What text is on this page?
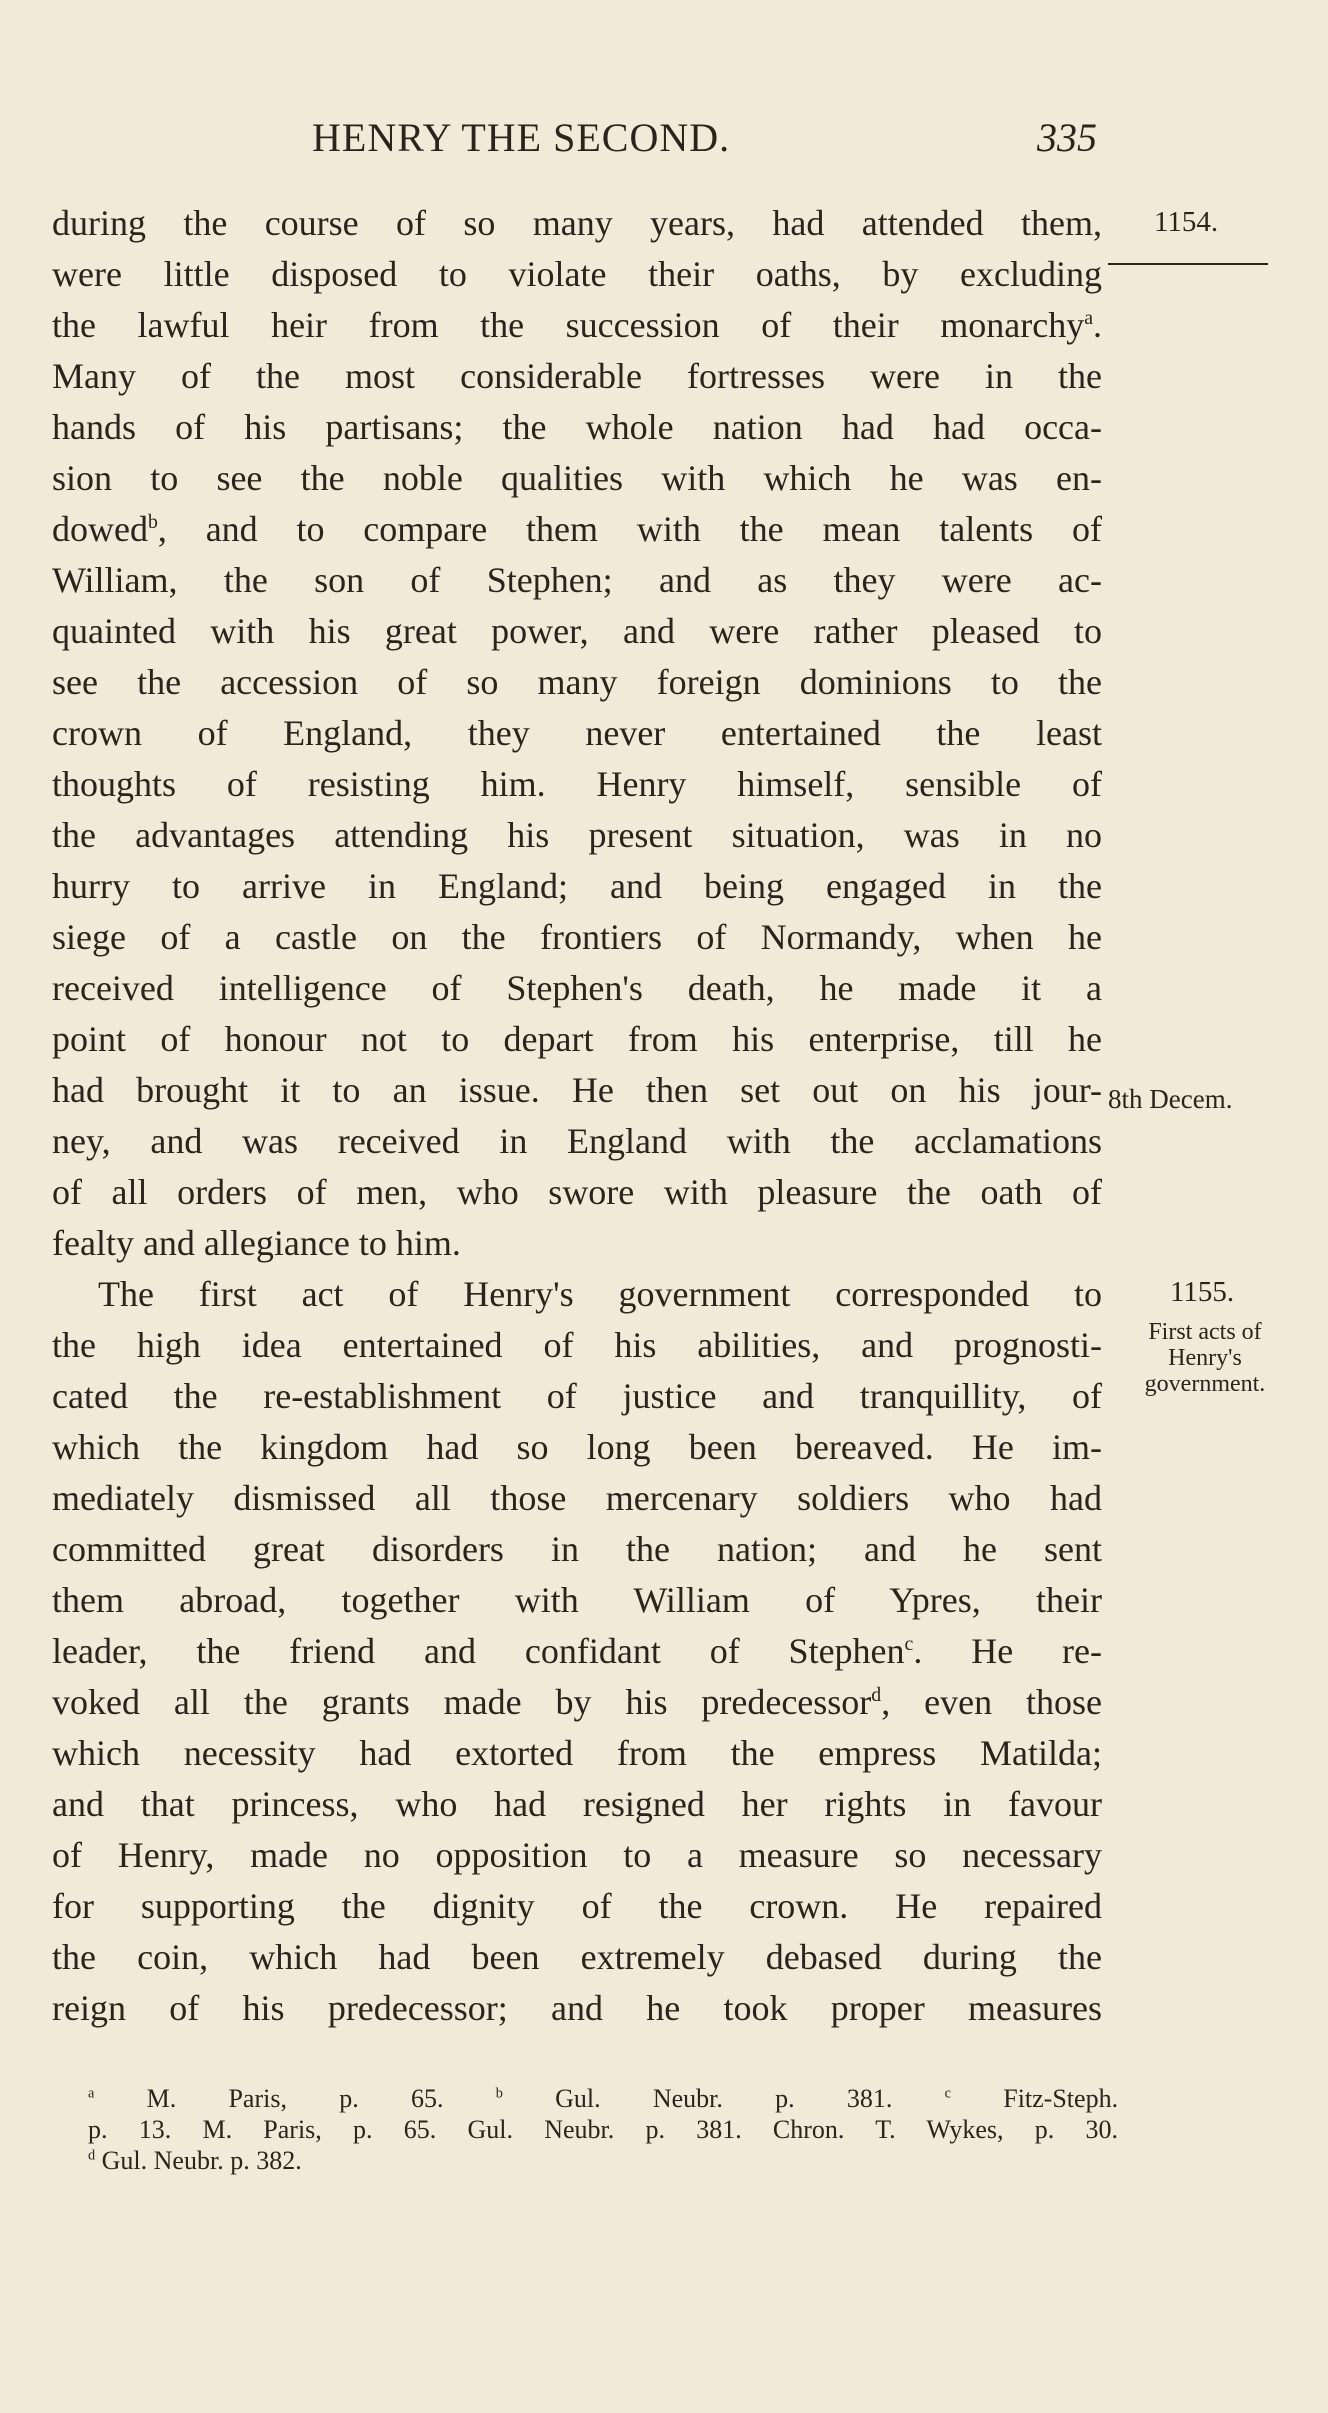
HENRY THE SECOND.	335
1154.
8th Decem.
1155.
First acts of Henry's government.
during the course of so many years, had attended them,
were little disposed to violate their oaths, by excluding
the lawful heir from the succession of their monarchy$^a$.
Many of the most considerable fortresses were in the
hands of his partisans; the whole nation had had occa-
sion to see the noble qualities with which he was en-
dowed$^b$, and to compare them with the mean talents of
William, the son of Stephen; and as they were ac-
quainted with his great power, and were rather pleased to
see the accession of so many foreign dominions to the
crown of England, they never entertained the least
thoughts of resisting him. Henry himself, sensible of
the advantages attending his present situation, was in no
hurry to arrive in England; and being engaged in the
siege of a castle on the frontiers of Normandy, when he
received intelligence of Stephen's death, he made it a
point of honour not to depart from his enterprise, till he
had brought it to an issue. He then set out on his jour-
ney, and was received in England with the acclamations
of all orders of men, who swore with pleasure the oath of
fealty and allegiance to him.
The first act of Henry's government corresponded to
the high idea entertained of his abilities, and prognosti-
cated the re-establishment of justice and tranquillity, of
which the kingdom had so long been bereaved. He im-
mediately dismissed all those mercenary soldiers who had
committed great disorders in the nation; and he sent
them abroad, together with William of Ypres, their
leader, the friend and confidant of Stephen$^c$. He re-
voked all the grants made by his predecessor$^d$, even those
which necessity had extorted from the empress Matilda;
and that princess, who had resigned her rights in favour
of Henry, made no opposition to a measure so necessary
for supporting the dignity of the crown. He repaired
the coin, which had been extremely debased during the
reign of his predecessor; and he took proper measures
$^a$ M. Paris, p. 65.	$^b$ Gul. Neubr. p. 381.	$^c$ Fitz-Steph.
p. 13. M. Paris, p. 65. Gul. Neubr. p. 381. Chron. T. Wykes, p. 30.
$^d$ Gul. Neubr. p. 382.
